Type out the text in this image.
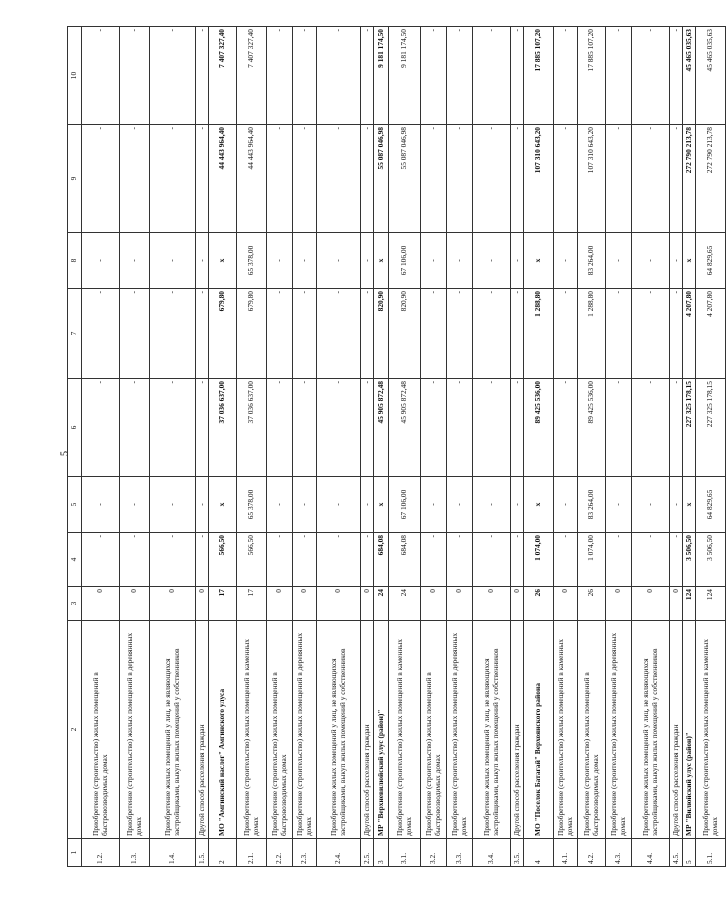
5
1	2	3	4	5	6	7	8	9	10
1.2.	Приобретение (строительство) жилых помещений в быстровозводимых домах	0	-	-	-	-	-	-	-
1.3.	Приобретение (строительство) жилых помещений в деревянных домах	0	-	-	-	-	-	-	-
1.4.	Приобретение жилых помещений у лиц, не являющихся застройщиками, выкуп жилых помещений у собственников	0	-	-	-	-	-	-	-
1.5.	Другой способ расселения граждан	0	-	-	-	-	-	-	-
2	МО "Амгинский наслег" Амгинского улуса	17	566,50	x	37 036 637,00	679,80	x	44 443 964,40	7 407 327,40
2.1.	Приобретение (строительство) жилых помещений в каменных домах	17	566,50	65 378,00	37 036 637,00	679,80	65 378,00	44 443 964,40	7 407 327,40
2.2.	Приобретение (строительство) жилых помещений в быстровозводимых домах	0	-	-	-	-	-	-	-
2.3.	Приобретение (строительство) жилых помещений в деревянных домах	0	-	-	-	-	-	-	-
2.4.	Приобретение жилых помещений у лиц, не являющихся застройщиками, выкуп жилых помещений у собственников	0	-	-	-	-	-	-	-
2.5.	Другой способ расселения граждан	0	-	-	-	-	-	-	-
3	МР "Верхневилюйский улус (район)"	24	684,08	x	45 905 872,48	820,90	x	55 087 046,98	9 181 174,50
3.1.	Приобретение (строительство) жилых помещений в каменных домах	24	684,08	67 106,00	45 905 872,48	820,90	67 106,00	55 087 046,98	9 181 174,50
3.2.	Приобретение (строительство) жилых помещений в быстровозводимых домах	0	-	-	-	-	-	-	-
3.3.	Приобретение (строительство) жилых помещений в деревянных домах	0	-	-	-	-	-	-	-
3.4.	Приобретение жилых помещений у лиц, не являющихся застройщиками, выкуп жилых помещений у собственников	0	-	-	-	-	-	-	-
3.5.	Другой способ расселения граждан	0	-	-	-	-	-	-	-
4	МО "Поселок Батагай" Верхоянского района	26	1 074,00	x	89 425 536,00	1 288,80	x	107 310 643,20	17 885 107,20
4.1.	Приобретение (строительство) жилых помещений в каменных домах	0	-	-	-	-	-	-	-
4.2.	Приобретение (строительство) жилых помещений в быстровозводимых домах	26	1 074,00	83 264,00	89 425 536,00	1 288,80	83 264,00	107 310 643,20	17 885 107,20
4.3.	Приобретение (строительство) жилых помещений в деревянных домах	0	-	-	-	-	-	-	-
4.4.	Приобретение жилых помещений у лиц, не являющихся застройщиками, выкуп жилых помещений у собственников	0	-	-	-	-	-	-	-
4.5.	Другой способ расселения граждан	0	-	-	-	-	-	-	-
5	МР "Вилюйский улус (район)"	124	3 506,50	x	227 325 178,15	4 207,80	x	272 790 213,78	45 465 035,63
5.1.	Приобретение (строительство) жилых помещений в каменных домах	124	3 506,50	64 829,65	227 325 178,15	4 207,80	64 829,65	272 790 213,78	45 465 035,63
